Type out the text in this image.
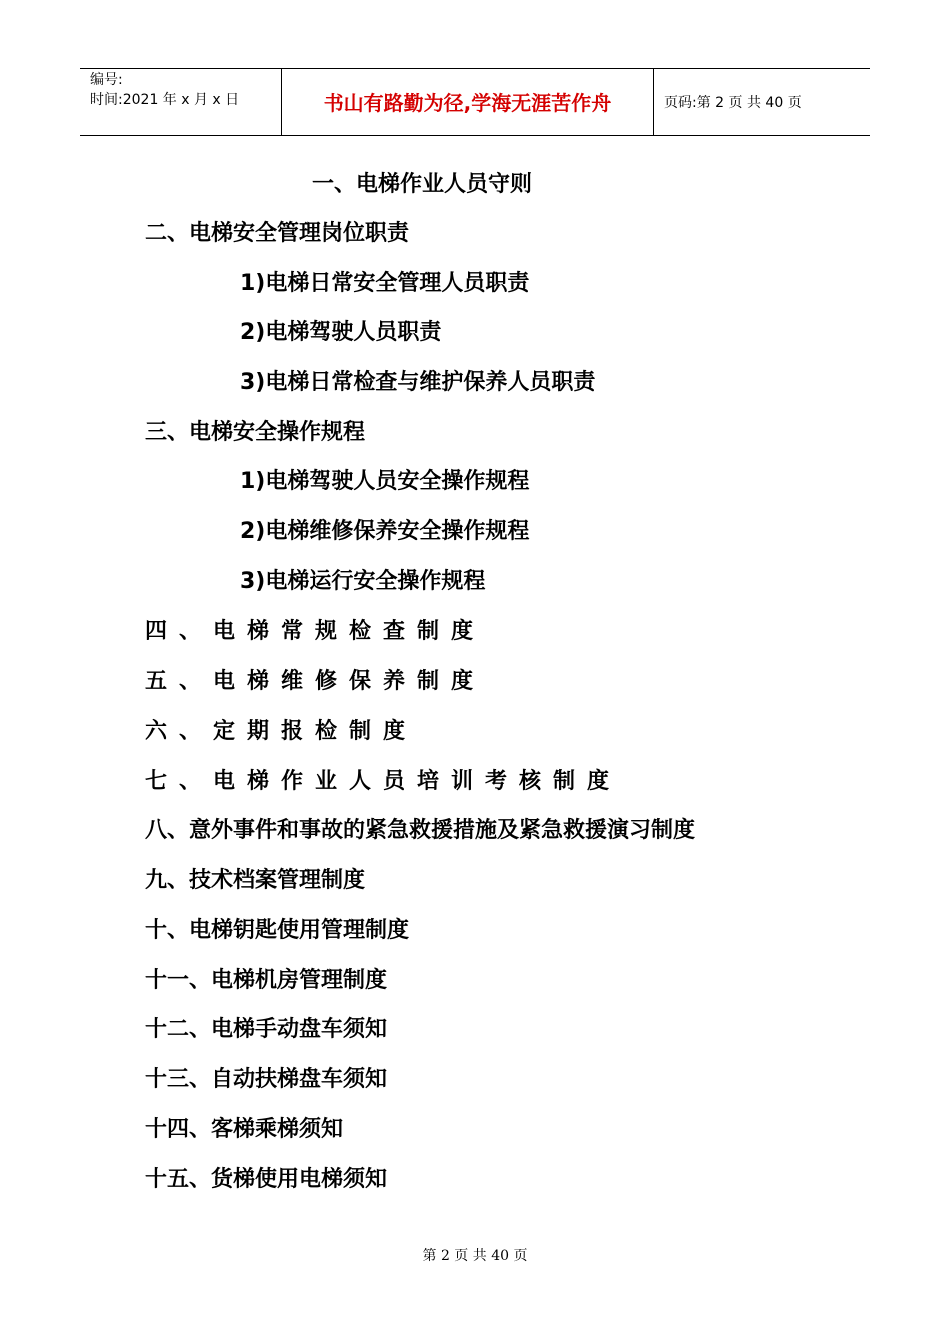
编号:
时间:2021 年 x 月 x 日	书山有路勤为径,学海无涯苦作舟	页码:第 2 页 共 40 页
一、电梯作业人员守则
二、电梯安全管理岗位职责
1)电梯日常安全管理人员职责
2)电梯驾驶人员职责
3)电梯日常检查与维护保养人员职责
三、电梯安全操作规程
1)电梯驾驶人员安全操作规程
2)电梯维修保养安全操作规程
3)电梯运行安全操作规程
四、电梯常规检查制度
五、电梯维修保养制度
六、定期报检制度
七、电梯作业人员培训考核制度
八、意外事件和事故的紧急救援措施及紧急救援演习制度
九、技术档案管理制度
十、电梯钥匙使用管理制度
十一、电梯机房管理制度
十二、电梯手动盘车须知
十三、自动扶梯盘车须知
十四、客梯乘梯须知
十五、货梯使用电梯须知
第 2 页 共 40 页
